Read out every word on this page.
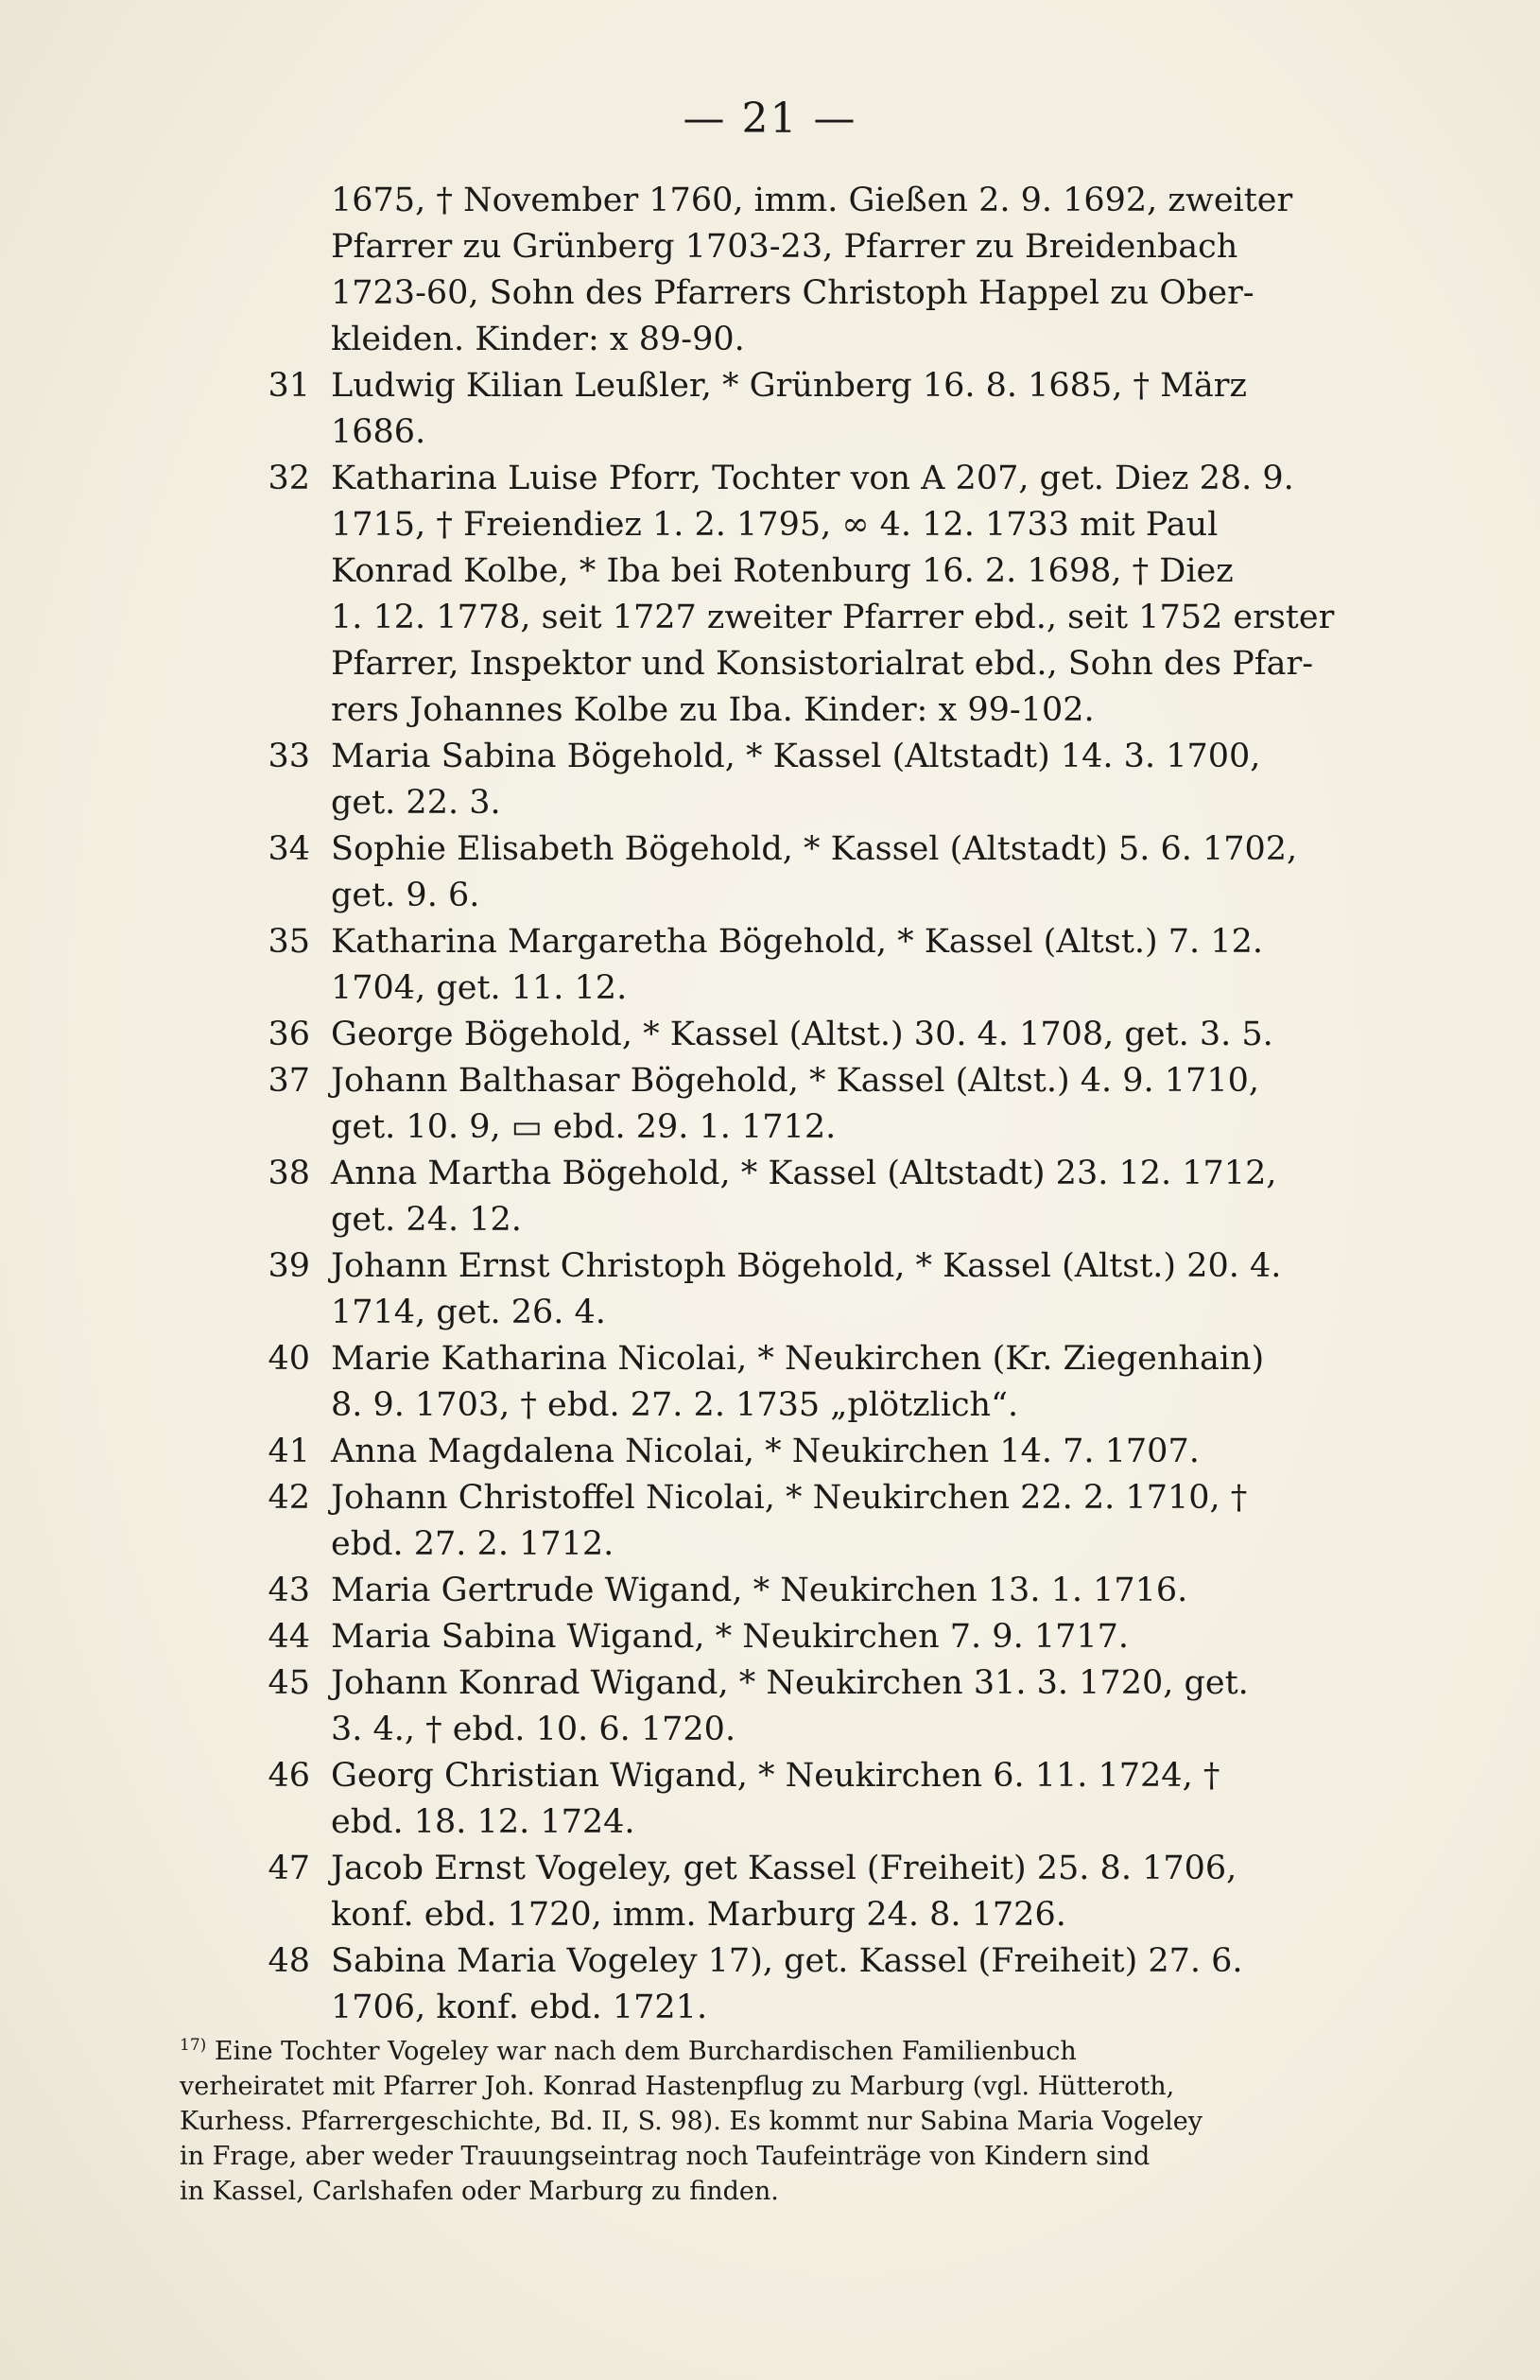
— 21 —
1675, † November 1760, imm. Gießen 2. 9. 1692, zweiter
Pfarrer zu Grünberg 1703-23, Pfarrer zu Breidenbach
1723-60, Sohn des Pfarrers Christoph Happel zu Ober-
kleiden. Kinder: x 89-90.
31 Ludwig Kilian Leußler, * Grünberg 16. 8. 1685, † März
1686.
32 Katharina Luise Pforr, Tochter von A 207, get. Diez 28. 9.
1715, † Freiendiez 1. 2. 1795, ∞ 4. 12. 1733 mit Paul
Konrad Kolbe, * Iba bei Rotenburg 16. 2. 1698, † Diez
1. 12. 1778, seit 1727 zweiter Pfarrer ebd., seit 1752 erster
Pfarrer, Inspektor und Konsistorialrat ebd., Sohn des Pfar-
rers Johannes Kolbe zu Iba. Kinder: x 99-102.
33 Maria Sabina Bögehold, * Kassel (Altstadt) 14. 3. 1700,
get. 22. 3.
34 Sophie Elisabeth Bögehold, * Kassel (Altstadt) 5. 6. 1702,
get. 9. 6.
35 Katharina Margaretha Bögehold, * Kassel (Altst.) 7. 12.
1704, get. 11. 12.
36 George Bögehold, * Kassel (Altst.) 30. 4. 1708, get. 3. 5.
37 Johann Balthasar Bögehold, * Kassel (Altst.) 4. 9. 1710,
get. 10. 9, ▭ ebd. 29. 1. 1712.
38 Anna Martha Bögehold, * Kassel (Altstadt) 23. 12. 1712,
get. 24. 12.
39 Johann Ernst Christoph Bögehold, * Kassel (Altst.) 20. 4.
1714, get. 26. 4.
40 Marie Katharina Nicolai, * Neukirchen (Kr. Ziegenhain)
8. 9. 1703, † ebd. 27. 2. 1735 „plötzlich“.
41 Anna Magdalena Nicolai, * Neukirchen 14. 7. 1707.
42 Johann Christoffel Nicolai, * Neukirchen 22. 2. 1710, †
ebd. 27. 2. 1712.
43 Maria Gertrude Wigand, * Neukirchen 13. 1. 1716.
44 Maria Sabina Wigand, * Neukirchen 7. 9. 1717.
45 Johann Konrad Wigand, * Neukirchen 31. 3. 1720, get.
3. 4., † ebd. 10. 6. 1720.
46 Georg Christian Wigand, * Neukirchen 6. 11. 1724, †
ebd. 18. 12. 1724.
47 Jacob Ernst Vogeley, get Kassel (Freiheit) 25. 8. 1706,
konf. ebd. 1720, imm. Marburg 24. 8. 1726.
48 Sabina Maria Vogeley 17), get. Kassel (Freiheit) 27. 6.
1706, konf. ebd. 1721.
$^{17)}$ Eine Tochter Vogeley war nach dem Burchardischen Familienbuch
verheiratet mit Pfarrer Joh. Konrad Hastenpflug zu Marburg (vgl. Hütteroth,
Kurhess. Pfarrergeschichte, Bd. II, S. 98). Es kommt nur Sabina Maria Vogeley
in Frage, aber weder Trauungseintrag noch Taufeinträge von Kindern sind
in Kassel, Carlshafen oder Marburg zu finden.
